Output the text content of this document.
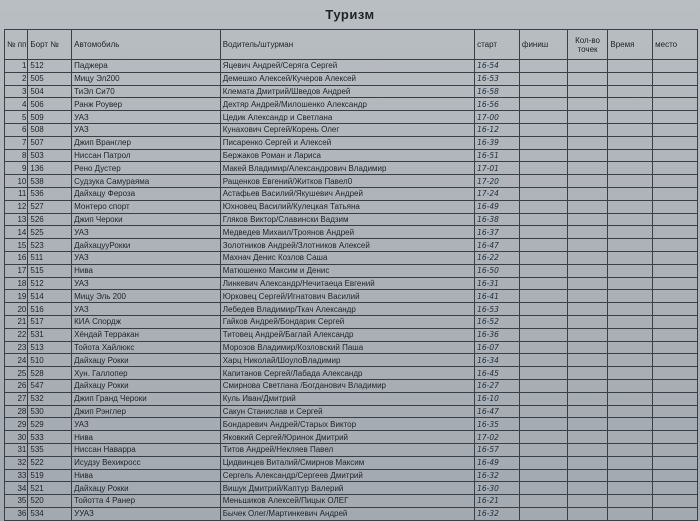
Туризм
№ пп	Борт №	Автомобиль	Водитель/штурман	старт	финиш	Кол-во точек	Время	место
1	512	Паджера	Яцевич Андрей/Серяга Сергей	16-54				
2	505	Мицу Эл200	Демешко Алексей/Кучеров Алексей	16-53				
3	504	ТиЭл Си70	Клемата Дмитрий/Шведов Андрей	16-58				
4	506	Ранж Роувер	Дехтяр Андрей/Милошенко Александр	16-56				
5	509	УАЗ	Цедик Александр и Светлана	17-00				
6	508	УАЗ	Кунахович Сергей/Корень Олег	16-12				
7	507	Джип Вранглер	Писаренко Сергей и Алексей	16-39				
8	503	Ниссан Патрол	Бержаков Роман и Лариса	16-51				
9	136	Рено Дустер	Макей Владимир/Александрович Владимир	17-01				
10	538	Судзука Самураяма	Ращенков Евгений/Житков Павел0	17-20				
11	536	Дайхацу Фероза	Астафьев Василий/Якушевич Андрей	17-24				
12	527	Монтеро спорт	Юхновец Василий/Кулецкая Татьяна	16-49				
13	526	Джип Чероки	Гляков Виктор/Славински Вадзим	16-38				
14	525	УАЗ	Медведев Михаил/Троянов Андрей	16-37				
15	523	ДайхацууРокки	Золотников Андрей/Злотников Алексей	16-47				
16	511	УАЗ	Махнач Денис Козлов Саша	16-22				
17	515	Нива	Матюшенко Максим и Денис	16-50				
18	512	УАЗ	Линкевич Александр/Нечитаеца Евгений	16-31				
19	514	Мицу Эль 200	Юрковец Сергей/Игнатович Василий	16-41				
20	516	УАЗ	Лебедев Владимир/Ткач Александр	16-53				
21	517	КИА Спордж	Гайков Андрей/Бондарик Сергей	16-52				
22	531	Хёндай Терракан	Титовец Андрей/Баглай Александр	16-36				
23	513	Тойота Хайлюкс	Морозов Владимир/Козловский Паша	16-07				
24	510	Дайхацу Рокки	Харц Николай/ШоулоВладимир	16-34				
25	528	Хун. Галлопер	Капитанов Сергей/Лабада Александр	16-45				
26	547	Дайхацу Рокки	Смирнова Светлана /Богданович Владимир	16-27				
27	532	Джип Гранд Чероки	Куль Иван/Дмитрий	16-10				
28	530	Джип Рэнглер	Сакун Станислав и Сергей	16-47				
29	529	УАЗ	Бондаревич Андрей/Старых Виктор	16-35				
30	533	Нива	Яковкий Сергей/Юринок Дмитрий	17-02				
31	535	Ниссан Наварра	Титов Андрей/Некляев Павел	16-57				
32	522	Исудзу Вехикросс	Цидвинцев Виталий/Смирнов Максим	16-49				
33	519	Нива	Сергель Александр/Сергеев Дмитрий	16-32				
34	521	Дайхацу Рокки	Вишук Дмитрий/Каптур Валерий	16-30				
35	520	Тойотта 4 Ранер	Меньшиков Алексей/Пицык ОЛЕГ	16-21				
36	534	УУАЗ	Бычек Олег/Мартинкевич Андрей	16-32				
